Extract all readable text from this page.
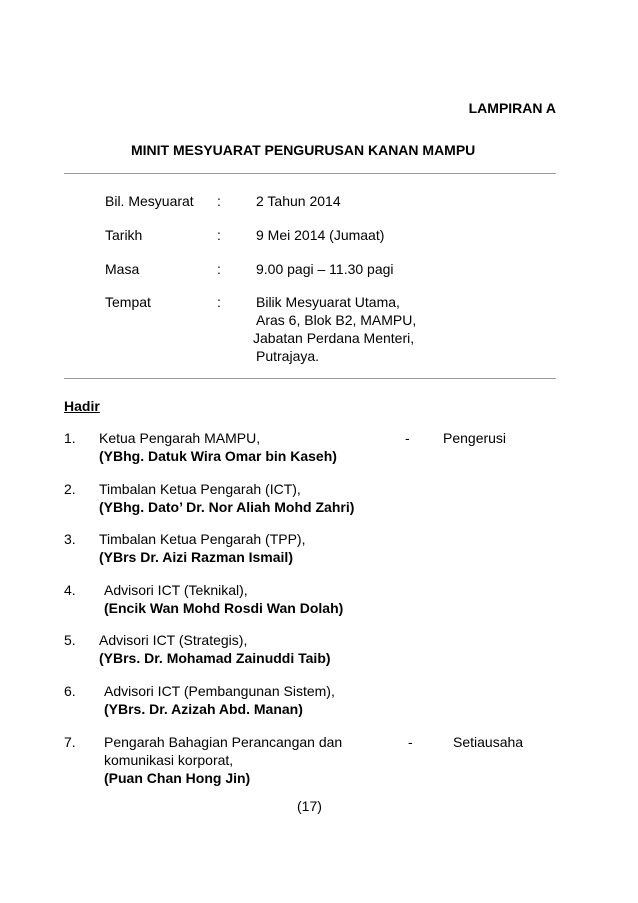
LAMPIRAN A
MINIT MESYUARAT PENGURUSAN KANAN MAMPU
Bil. Mesyuarat :	2 Tahun 2014
Tarikh	:	9 Mei 2014 (Jumaat)
Masa	:	9.00 pagi – 11.30 pagi
Tempat	:	Bilik Mesyuarat Utama,
Aras 6, Blok B2, MAMPU,
Jabatan Perdana Menteri,
Putrajaya.
Hadir
1. Ketua Pengarah MAMPU,
(YBhg. Datuk Wira Omar bin Kaseh)
- Pengerusi
2. Timbalan Ketua Pengarah (ICT),
(YBhg. Dato’ Dr. Nor Aliah Mohd Zahri)
3. Timbalan Ketua Pengarah (TPP),
(YBrs Dr. Aizi Razman Ismail)
4. Advisori ICT (Teknikal),
(Encik Wan Mohd Rosdi Wan Dolah)
5. Advisori ICT (Strategis),
(YBrs. Dr. Mohamad Zainuddi Taib)
6. Advisori ICT (Pembangunan Sistem),
(YBrs. Dr. Azizah Abd. Manan)
7. Pengarah Bahagian Perancangan dan
komunikasi korporat,
(Puan Chan Hong Jin)
-	Setiausaha
(17)
